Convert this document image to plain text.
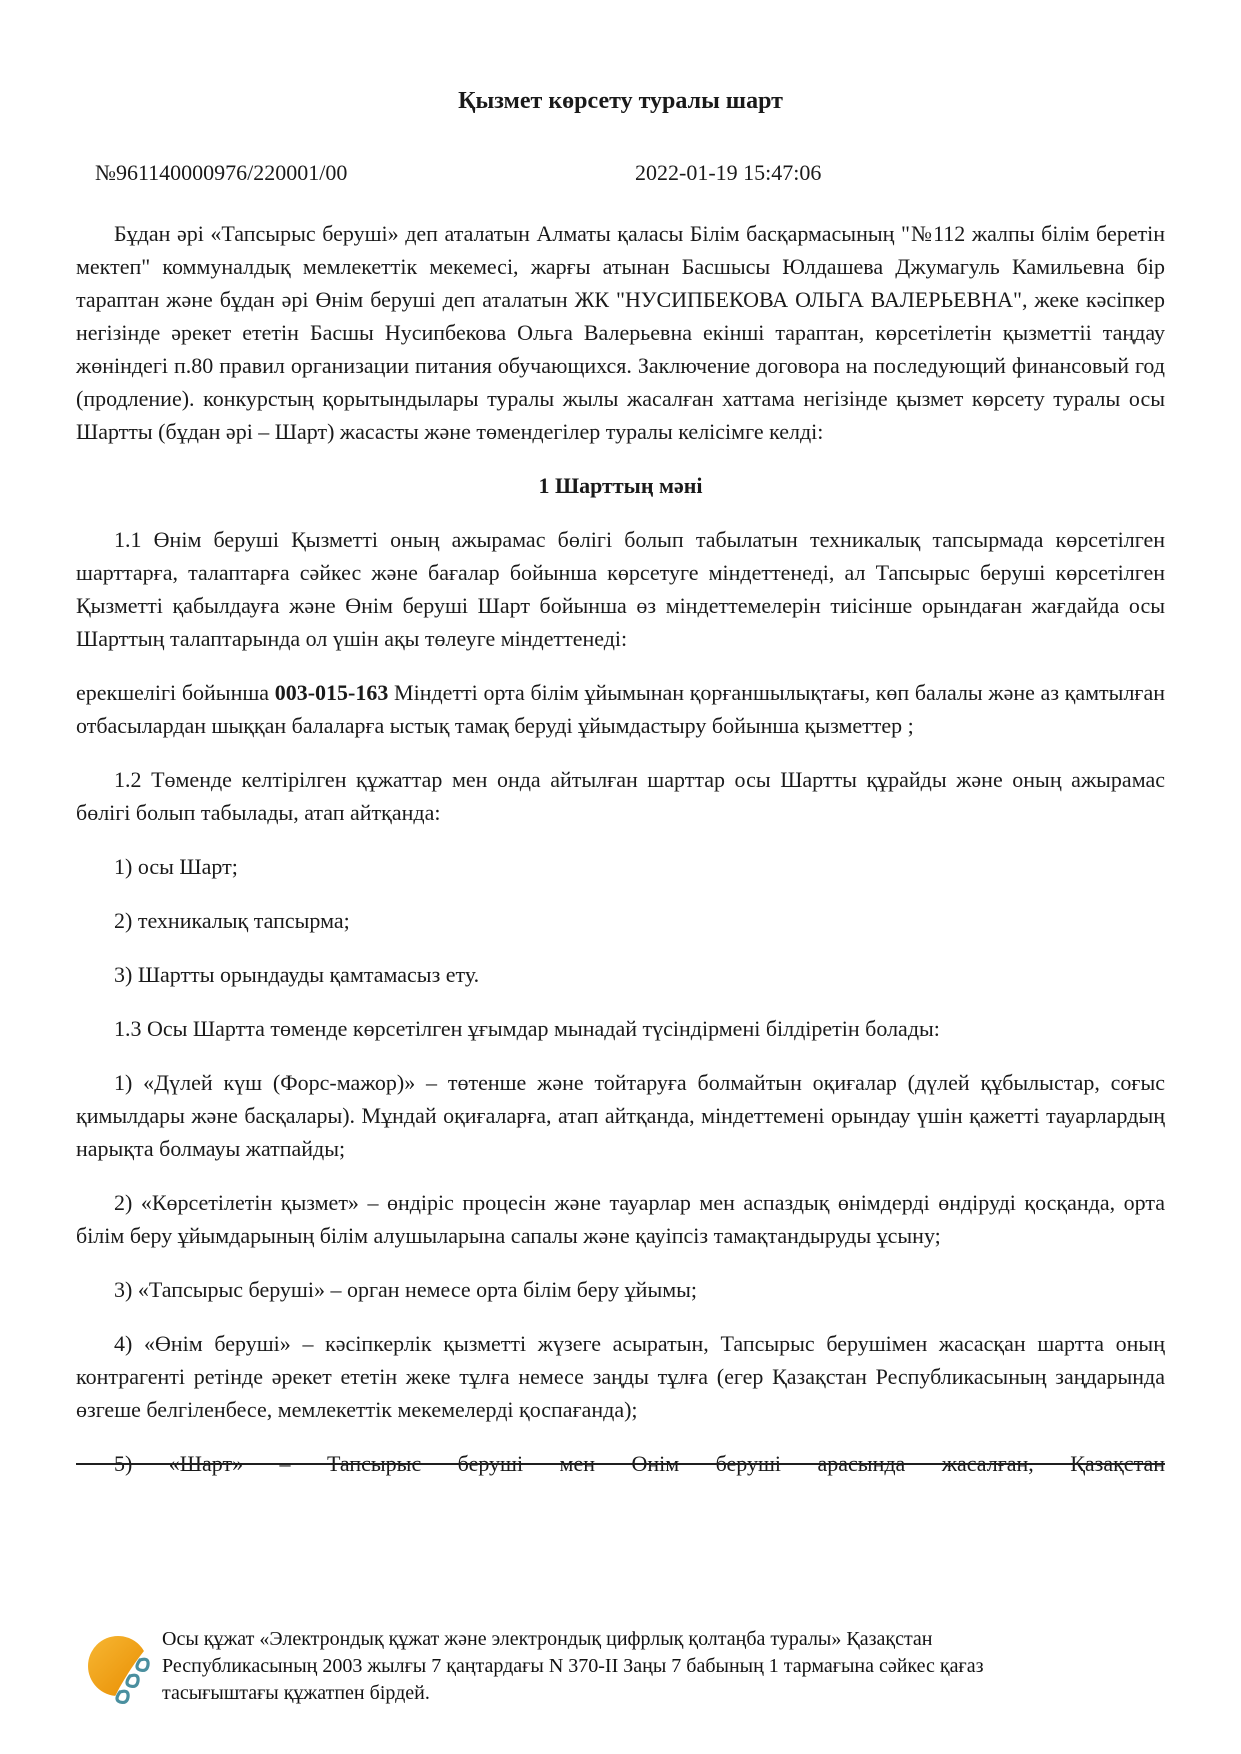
Қызмет көрсету туралы шарт
№961140000976/220001/00	2022-01-19 15:47:06

Бұдан әрі «Тапсырыс беруші» деп аталатын Алматы қаласы Білім басқармасының "№112 жалпы білім беретін мектеп" коммуналдық мемлекеттік мекемесі, жарғы атынан Басшысы Юлдашева Джумагуль Камильевна бір тараптан және бұдан әрі Өнім беруші деп аталатын ЖК "НУСИПБЕКОВА ОЛЬГА ВАЛЕРЬЕВНА", жеке кәсіпкер негізінде әрекет ететін Басшы Нусипбекова Ольга Валерьевна екінші тараптан, көрсетілетін қызметтіі таңдау жөніндегі п.80 правил организации питания обучающихся. Заключение договора на последующий финансовый год (продление). конкурстың қорытындылары туралы жылы жасалған хаттама негізінде қызмет көрсету туралы осы Шартты (бұдан әрі – Шарт) жасасты және төмендегілер туралы келісімге келді:

1 Шарттың мәні

1.1 Өнім беруші Қызметті оның ажырамас бөлігі болып табылатын техникалық тапсырмада көрсетілген шарттарға, талаптарға сәйкес және бағалар бойынша көрсетуге міндеттенеді, ал Тапсырыс беруші көрсетілген Қызметті қабылдауға және Өнім беруші Шарт бойынша өз міндеттемелерін тиісінше орындаған жағдайда осы Шарттың талаптарында ол үшін ақы төлеуге міндеттенеді:

ерекшелігі бойынша 003-015-163 Міндетті орта білім ұйымынан қорғаншылықтағы, көп балалы және аз қамтылған отбасылардан шыққан балаларға ыстық тамақ беруді ұйымдастыру бойынша қызметтер ;

1.2 Төменде келтірілген құжаттар мен онда айтылған шарттар осы Шартты құрайды және оның ажырамас бөлігі болып табылады, атап айтқанда:

1) осы Шарт;

2) техникалық тапсырма;

3) Шартты орындауды қамтамасыз ету.

1.3 Осы Шартта төменде көрсетілген ұғымдар мынадай түсіндірмені білдіретін болады:

1) «Дүлей күш (Форс-мажор)» – төтенше және тойтаруға болмайтын оқиғалар (дүлей құбылыстар, соғыс қимылдары және басқалары). Мұндай оқиғаларға, атап айтқанда, міндеттемені орындау үшін қажетті тауарлардың нарықта болмауы жатпайды;

2) «Көрсетілетін қызмет» – өндіріс процесін және тауарлар мен аспаздық өнімдерді өндіруді қосқанда, орта білім беру ұйымдарының білім алушыларына сапалы және қауіпсіз тамақтандыруды ұсыну;

3) «Тапсырыс беруші» – орган немесе орта білім беру ұйымы;

4) «Өнім беруші» – кәсіпкерлік қызметті жүзеге асыратын, Тапсырыс берушімен жасасқан шартта оның контрагенті ретінде әрекет ететін жеке тұлға немесе заңды тұлға (егер Қазақстан Республикасының заңдарында өзгеше белгіленбесе, мемлекеттік мекемелерді қоспағанда);

5) «Шарт» – Тапсырыс беруші мен Өнім беруші арасында жасалған, Қазақстан

Осы құжат «Электрондық құжат және электрондық цифрлық қолтаңба туралы» Қазақстан
Республикасының 2003 жылғы 7 қаңтардағы N 370-II Заңы 7 бабының 1 тармағына сәйкес қағаз
тасығыштағы құжатпен бірдей.
